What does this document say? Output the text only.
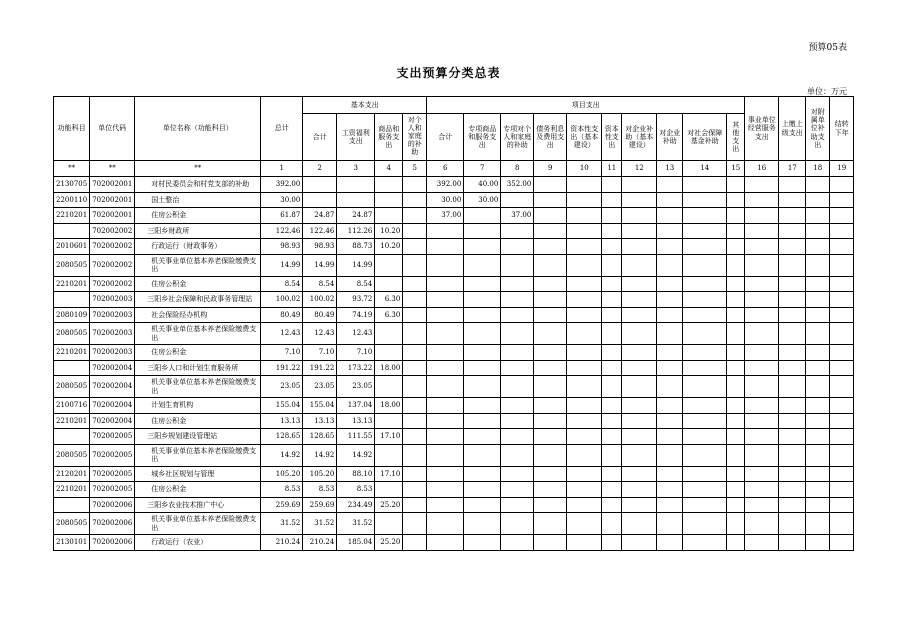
预算05表
支出预算分类总表
单位：万元
功能科目	单位代码	单位名称（功能科目）	总计	基本支出				项目支出										事业单位经营服务支出	上缴上级支出	对附属单位补助支出	结转下年
				合计	工资福利支出	商品和服务支出	对个人和家庭的补助	合计	专项商品和服务支出	专项对个人和家庭的补助	债务利息及费用支出	资本性支出（基本建设）	资本性支出	对企业补助（基本建设）	对企业补助	对社会保障基金补助	其他支出				
**	**	**	1	2	3	4	5	6	7	8	9	10	11	12	13	14	15	16	17	18	19
2130705	702002001	对村民委员会和村党支部的补助	392.00					392.00	40.00	352.00											
2200110	702002001	国土整治	30.00					30.00	30.00												
2210201	702002001	住房公积金	61.87	24.87	24.87			37.00		37.00											
	702002002	三阳乡财政所	122.46	122.46	112.26	10.20															
2010601	702002002	行政运行（财政事务）	98.93	98.93	88.73	10.20															
2080505	702002002	机关事业单位基本养老保险缴费支出	14.99	14.99	14.99																
2210201	702002002	住房公积金	8.54	8.54	8.54																
	702002003	三阳乡社会保障和民政事务管理站	100.02	100.02	93.72	6.30															
2080109	702002003	社会保险经办机构	80.49	80.49	74.19	6.30															
2080505	702002003	机关事业单位基本养老保险缴费支出	12.43	12.43	12.43																
2210201	702002003	住房公积金	7.10	7.10	7.10																
	702002004	三阳乡人口和计划生育服务所	191.22	191.22	173.22	18.00															
2080505	702002004	机关事业单位基本养老保险缴费支出	23.05	23.05	23.05																
2100716	702002004	计划生育机构	155.04	155.04	137.04	18.00															
2210201	702002004	住房公积金	13.13	13.13	13.13																
	702002005	三阳乡规划建设管理站	128.65	128.65	111.55	17.10															
2080505	702002005	机关事业单位基本养老保险缴费支出	14.92	14.92	14.92																
2120201	702002005	城乡社区规划与管理	105.20	105.20	88.10	17.10															
2210201	702002005	住房公积金	8.53	8.53	8.53																
	702002006	三阳乡农业技术推广中心	259.69	259.69	234.49	25.20															
2080505	702002006	机关事业单位基本养老保险缴费支出	31.52	31.52	31.52																
2130101	702002006	行政运行（农业）	210.24	210.24	185.04	25.20															
